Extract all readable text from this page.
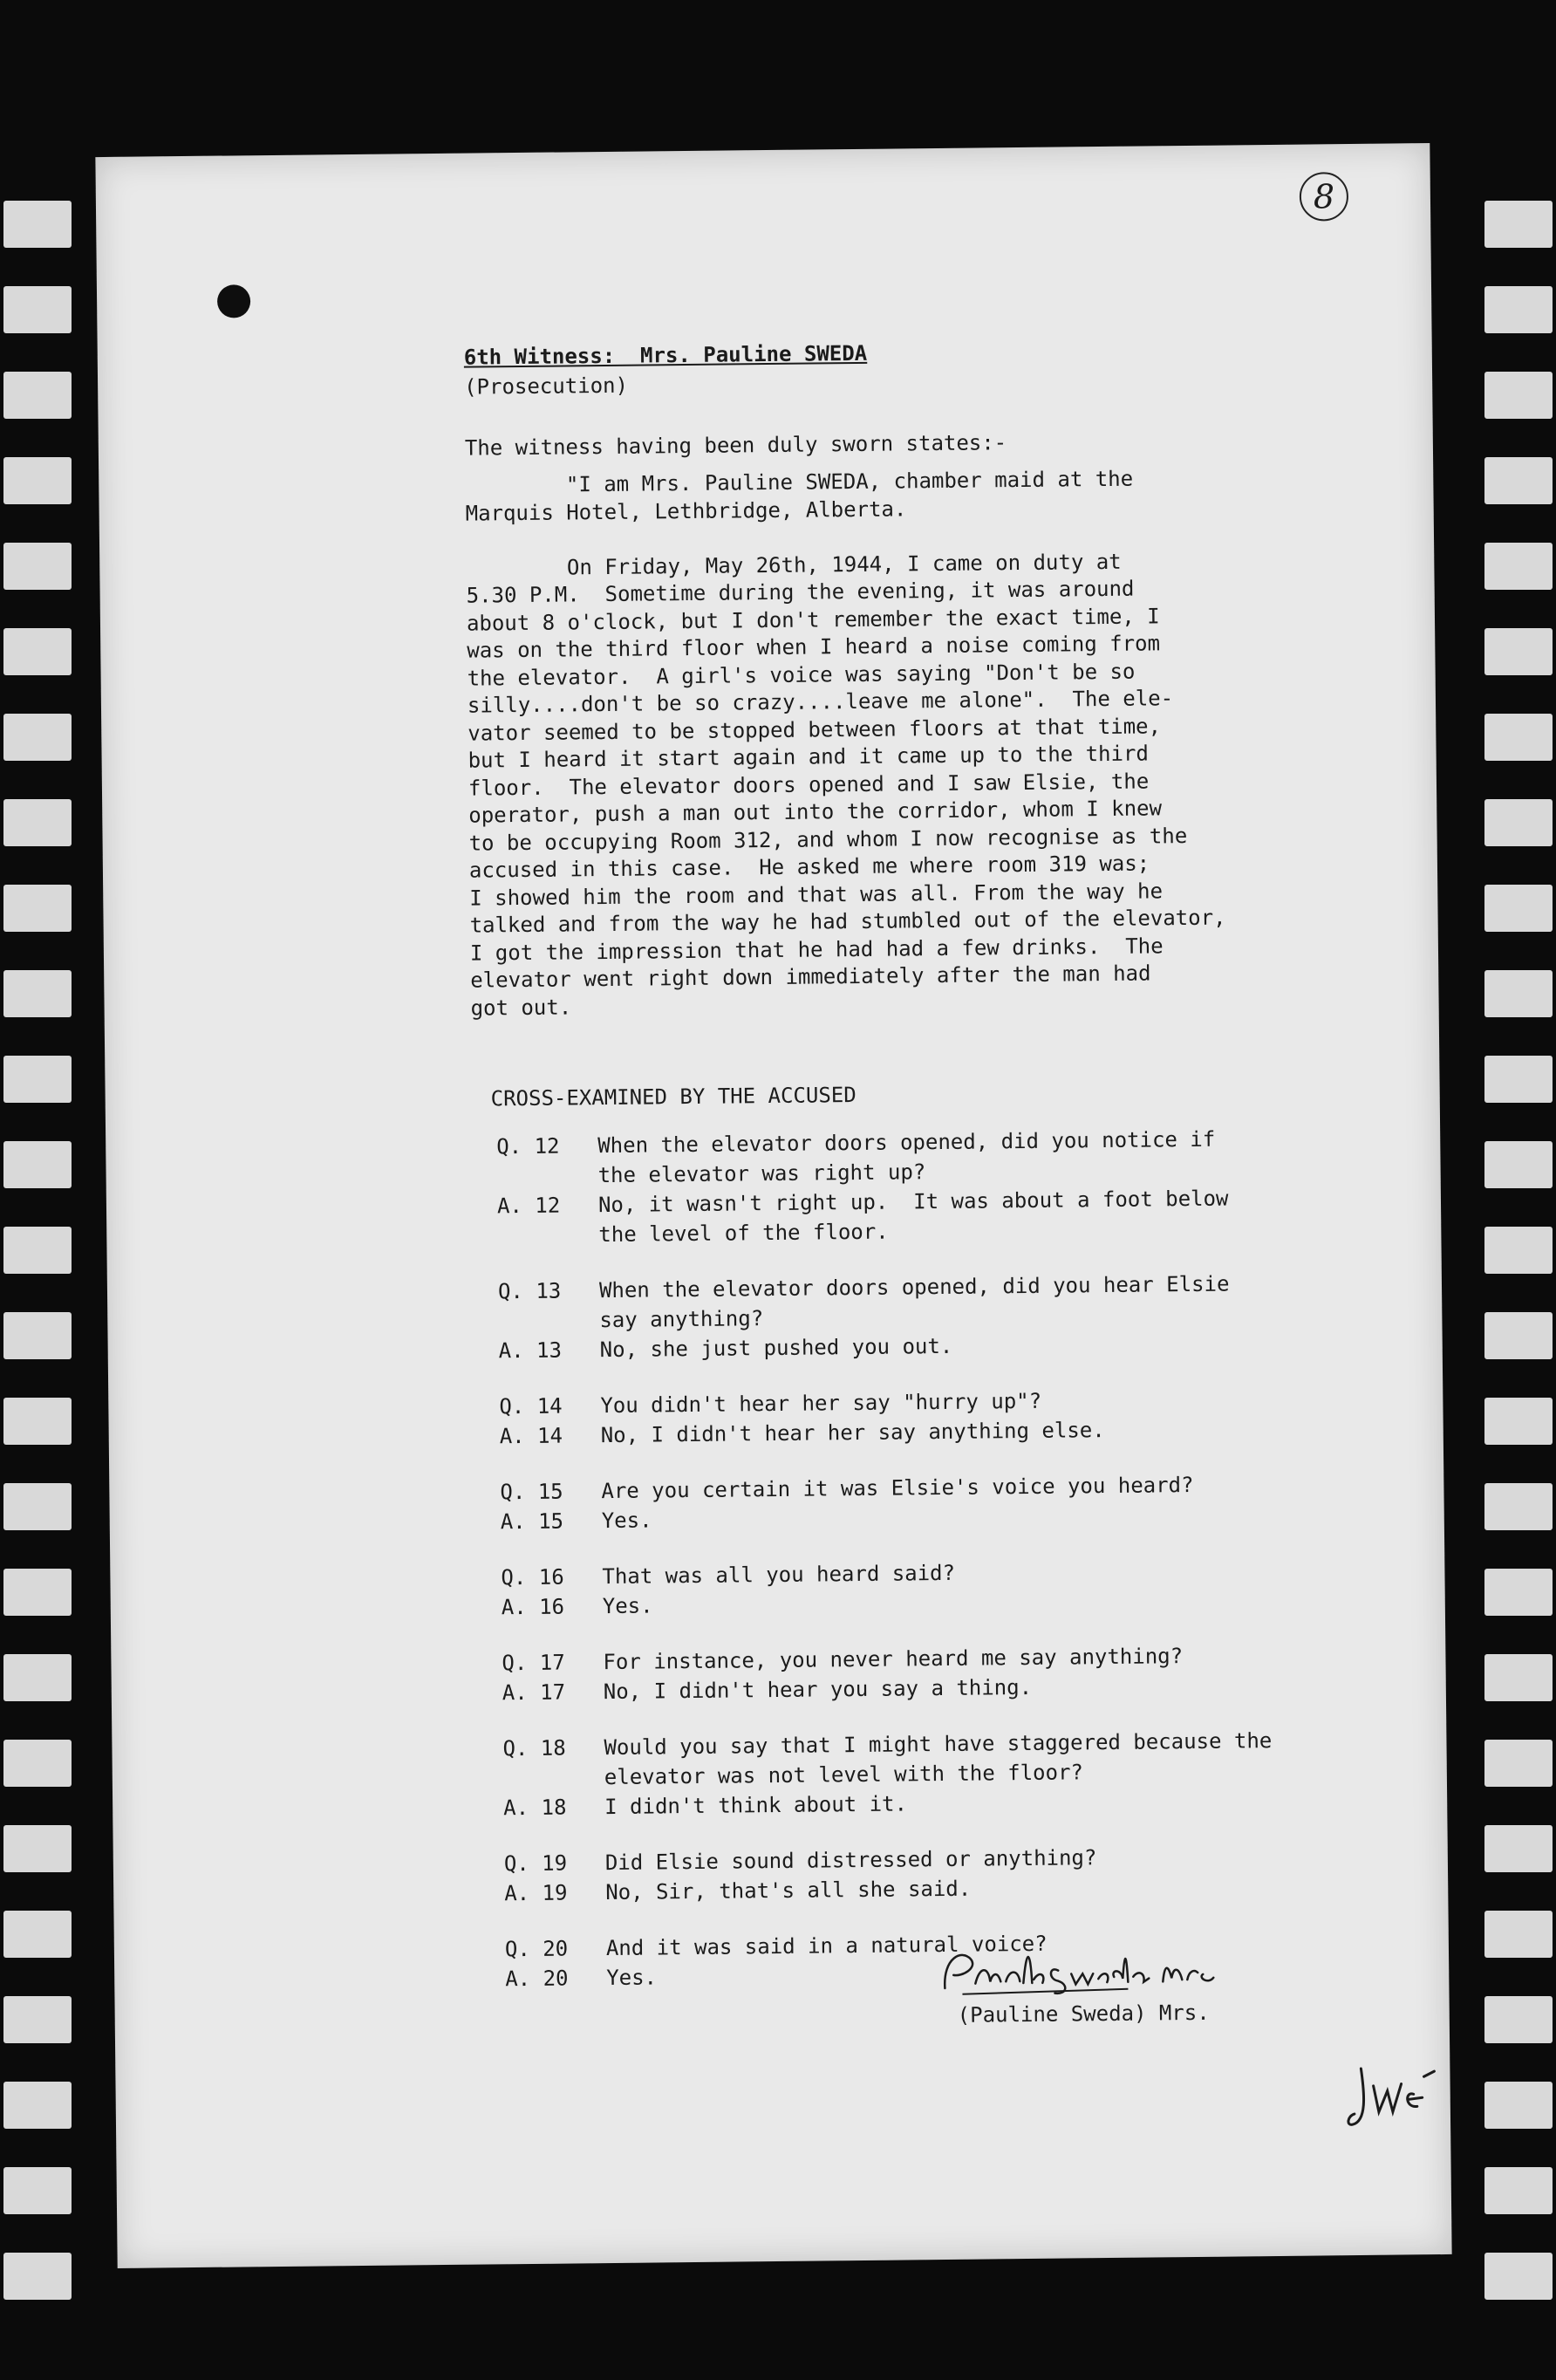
8
6th Witness:  Mrs. Pauline SWEDA
(Prosecution)
The witness having been duly sworn states:-
"I am Mrs. Pauline SWEDA, chamber maid at the
Marquis Hotel, Lethbridge, Alberta.
On Friday, May 26th, 1944, I came on duty at
5.30 P.M.  Sometime during the evening, it was around
about 8 o'clock, but I don't remember the exact time, I
was on the third floor when I heard a noise coming from
the elevator.  A girl's voice was saying "Don't be so
silly....don't be so crazy....leave me alone".  The ele-
vator seemed to be stopped between floors at that time,
but I heard it start again and it came up to the third
floor.  The elevator doors opened and I saw Elsie, the
operator, push a man out into the corridor, whom I knew
to be occupying Room 312, and whom I now recognise as the
accused in this case.  He asked me where room 319 was;
I showed him the room and that was all. From the way he
talked and from the way he had stumbled out of the elevator,
I got the impression that he had had a few drinks.  The
elevator went right down immediately after the man had
got out.
CROSS-EXAMINED BY THE ACCUSED
Q. 12	When the elevator doors opened, did you notice if
the elevator was right up?
A. 12	No, it wasn't right up.  It was about a foot below
the level of the floor.
Q. 13	When the elevator doors opened, did you hear Elsie
say anything?
A. 13	No, she just pushed you out.
Q. 14	You didn't hear her say "hurry up"?
A. 14	No, I didn't hear her say anything else.
Q. 15	Are you certain it was Elsie's voice you heard?
A. 15	Yes.
Q. 16	That was all you heard said?
A. 16	Yes.
Q. 17	For instance, you never heard me say anything?
A. 17	No, I didn't hear you say a thing.
Q. 18	Would you say that I might have staggered because the
elevator was not level with the floor?
A. 18	I didn't think about it.
Q. 19	Did Elsie sound distressed or anything?
A. 19	No, Sir, that's all she said.
Q. 20	And it was said in a natural voice?
A. 20	Yes.
(Pauline Sweda) Mrs.
